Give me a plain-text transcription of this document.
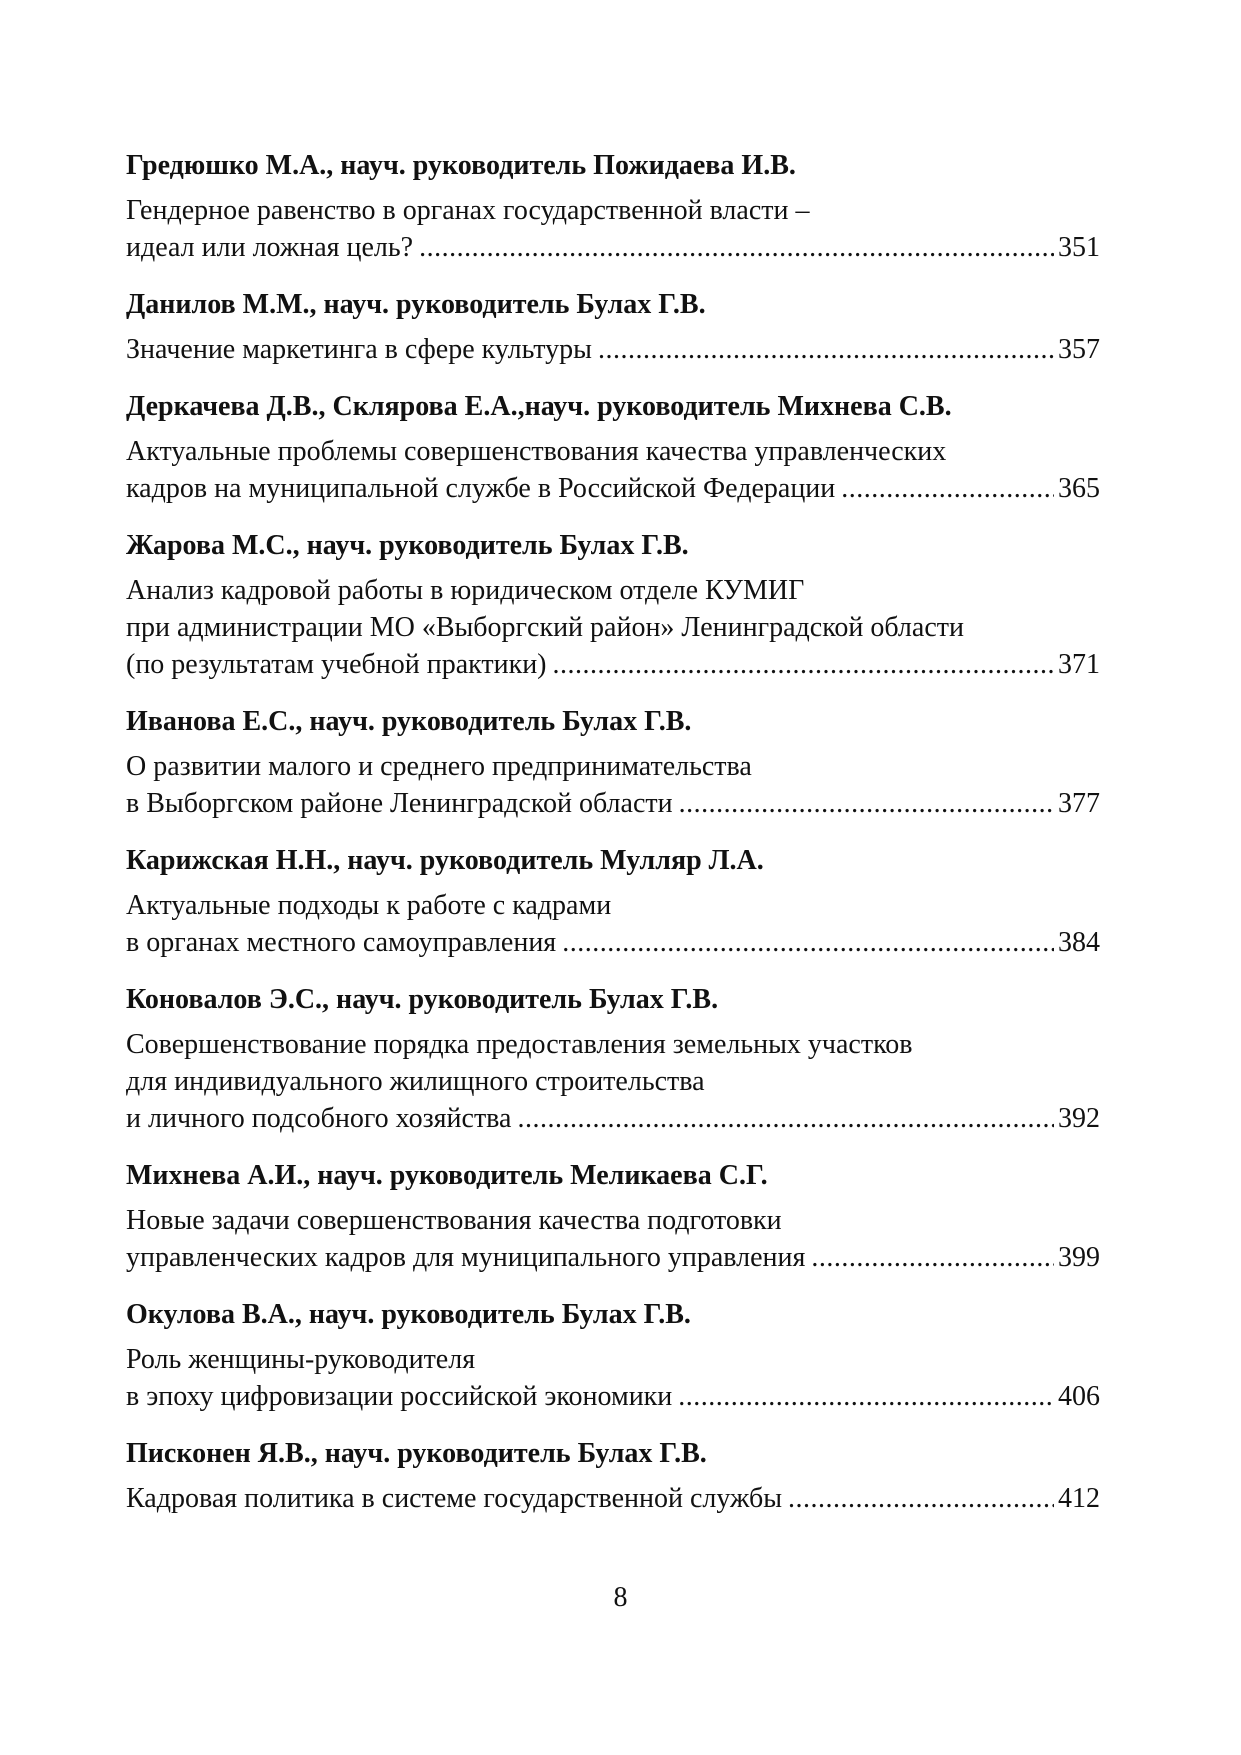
Гредюшко М.А., науч. руководитель Пожидаева И.В.
Гендерное равенство в органах государственной власти –
идеал или ложная цель? .....	351
Данилов М.М., науч. руководитель Булах Г.В.
Значение маркетинга в сфере культуры .....	357
Деркачева Д.В., Склярова Е.А.,науч. руководитель Михнева С.В.
Актуальные проблемы совершенствования качества управленческих
кадров на муниципальной службе в Российской Федерации .....	365
Жарова М.С., науч. руководитель Булах Г.В.
Анализ кадровой работы в юридическом отделе КУМИГ
при администрации МО «Выборгский район» Ленинградской области
(по результатам учебной практики) .....	371
Иванова Е.С., науч. руководитель Булах Г.В.
О развитии малого и среднего предпринимательства
в Выборгском районе Ленинградской области .....	377
Карижская Н.Н., науч. руководитель Мулляр Л.А.
Актуальные подходы к работе с кадрами
в органах местного самоуправления .....	384
Коновалов Э.С., науч. руководитель Булах Г.В.
Совершенствование порядка предоставления земельных участков
для индивидуального жилищного строительства
и личного подсобного хозяйства .....	392
Михнева А.И., науч. руководитель Меликаева С.Г.
Новые задачи совершенствования качества подготовки
управленческих кадров для муниципального управления .....	399
Окулова В.А., науч. руководитель Булах Г.В.
Роль женщины-руководителя
в эпоху цифровизации российской экономики .....	406
Писконен Я.В., науч. руководитель Булах Г.В.
Кадровая политика в системе государственной службы .....	412
8
